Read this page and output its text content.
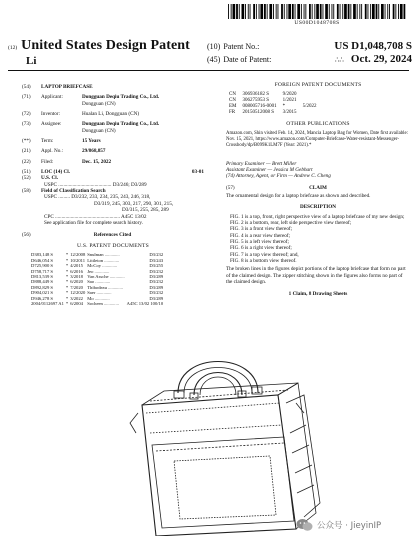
US00D1048708S
(12) United States Design Patent
Li
(10) Patent No.:	US D1,048,708 S
(45) Date of Patent:	∴∴ Oct. 29, 2024
(54)	LAPTOP BRIEFCASE
(71)	Applicant:	Dongguan Deqiu Trading Co., Ltd.
Dongguan (CN)
(72)	Inventor:	Hualan Li, Dongguan (CN)
(73)	Assignee:	Dongguan Deqiu Trading Co., Ltd.
Dongguan (CN)
(**)	Term:	15 Years
(21)	Appl. No.:	29/868,857
(22)	Filed:	Dec. 15, 2022
(51)	LOC (14) Cl.	03-01
(52)	U.S. Cl.
USPC ......................................... D3/246; D3/289
(58)	Field of Classification Search
USPC ......... D3/232, 233, 234, 235, 243, 246, 318,
D3/319, 245, 303, 217, 290, 301, 215,
D3/315, 255, 285, 289
CPC .................................................. A45C 13/02
See application file for complete search history.
(56)	References Cited
U.S. PATENT DOCUMENTS
D383,148 S	*	12/2008	Snulman .............	D3/232
D646,054 S	*	10/2011	Littleton .............	D3/243
D725,900 S	*	4/2015	McCoy .............	D3/255
D758,717 S	*	6/2016	Jeo .............	D3/232
D813,539 S	*	3/2018	Van Assche .............	D3/289
D888,449 S	*	6/2020	Sao .............	D3/232
D892,829 S	*	7/2020	Thibodeau .............	D3/289
D904,021 S	*	12/2020	Saer .............	D3/232
D946,278 S	*	3/2022	Mo .............	D3/289
2004/0112697 A1	*	6/2004	Socheen .............	A45C 13/02 100/10
FOREIGN PATENT DOCUMENTS
CN	306936182 S	9/2020	
CN	306275953 S	1/2021	
EM	008005716-0001	*	5/2022
FR	20150512008 S	3/2015	
OTHER PUBLICATIONS
Amazon.com, Shin visited Feb. 14, 2024, Mancia Laptop Bag for Women, Date first available: Nov. 15, 2021, https://www.amazon.com/Computer-Briefcase-Water-resistant-Messenger-Crossbody/dp/B099K1LM7F (Year: 2021).*
Primary Examiner — Brett Miller
Assistant Examiner — Jessica M Gebhart
(74) Attorney, Agent, or Firm — Andrew C. Cheng
(57)	CLAIM
The ornamental design for a laptop briefcase as shown and described.
DESCRIPTION
FIG. 1 is a top, front, right perspective view of a laptop briefcase of my new design;
FIG. 2 is a bottom, rear, left side perspective view thereof;
FIG. 3 is a front view thereof;
FIG. 4 is a rear view thereof;
FIG. 5 is a left view thereof;
FIG. 6 is a right view thereof;
FIG. 7 is a top view thereof; and,
FIG. 8 is a bottom view thereof.
The broken lines in the figures depict portions of the laptop briefcase that form no part of the claimed design. The zipper stitching shown in the figures also forms no part of the claimed design.
1 Claim, 8 Drawing Sheets
公众号 · JieyinIP
